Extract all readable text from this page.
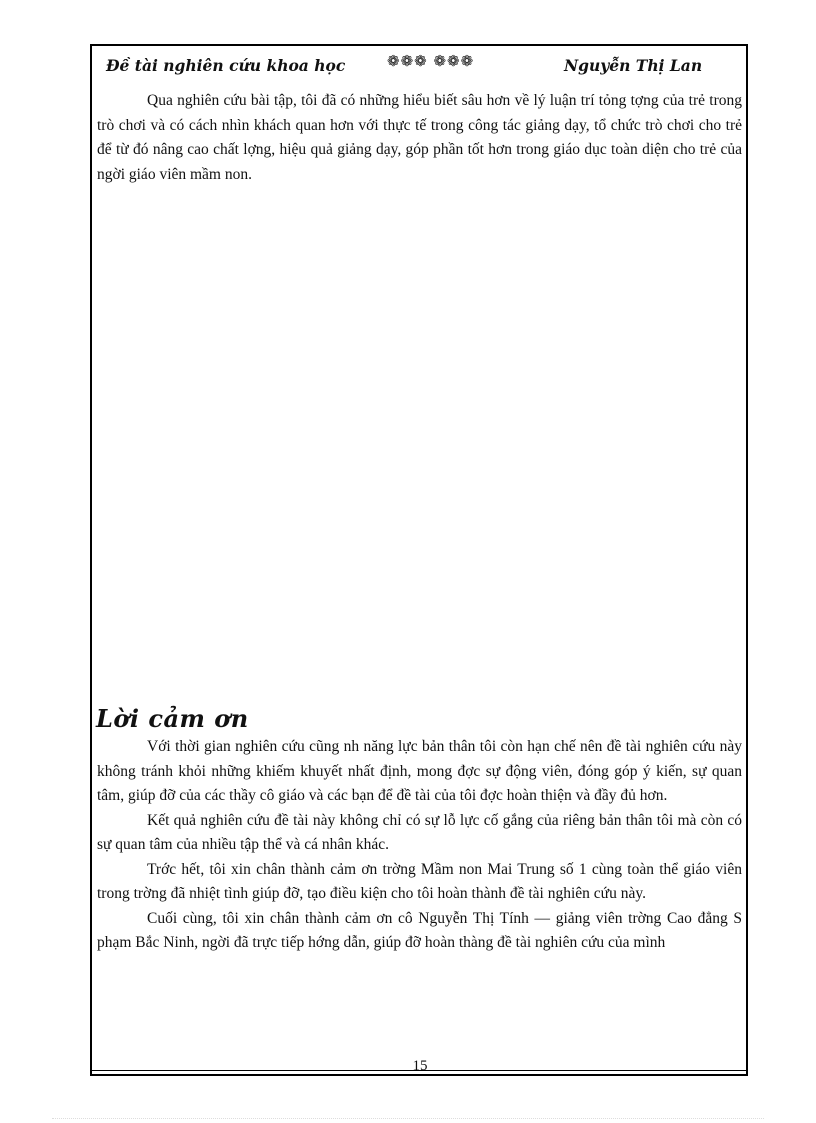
Đề tài nghiên cứu khoa học	❁❁❁ ❁❁❁	Nguyễn Thị Lan

Qua nghiên cứu bài tập, tôi đã có những hiểu biết sâu hơn về lý luận trí tỏng tợng của trẻ trong trò chơi và có cách nhìn khách quan hơn với thực tế trong công tác giảng dạy, tổ chức trò chơi cho trẻ để từ đó nâng cao chất lợng, hiệu quả giảng dạy, góp phần tốt hơn trong giáo dục toàn diện cho trẻ của ngời giáo viên mầm non.

Lời cảm ơn

Với thời gian nghiên cứu cũng nh năng lực bản thân tôi còn hạn chế nên đề tài nghiên cứu này không tránh khỏi những khiếm khuyết nhất định, mong đợc sự động viên, đóng góp ý kiến, sự quan tâm, giúp đỡ của các thầy cô giáo và các bạn để đề tài của tôi đợc hoàn thiện và đầy đủ hơn.

Kết quả nghiên cứu đề tài này không chỉ có sự lỗ lực cố gắng của riêng bản thân tôi mà còn có sự quan tâm của nhiều tập thể và cá nhân khác.

Trớc hết, tôi xin chân thành cảm ơn trờng Mầm non Mai Trung số 1 cùng toàn thể giáo viên trong trờng đã nhiệt tình giúp đỡ, tạo điều kiện cho tôi hoàn thành đề tài nghiên cứu này.

Cuối cùng, tôi xin chân thành cảm ơn cô Nguyễn Thị Tính — giảng viên trờng Cao đẳng S phạm Bắc Ninh, ngời đã trực tiếp hớng dẫn, giúp đỡ hoàn thàng đề tài nghiên cứu của mình

15
